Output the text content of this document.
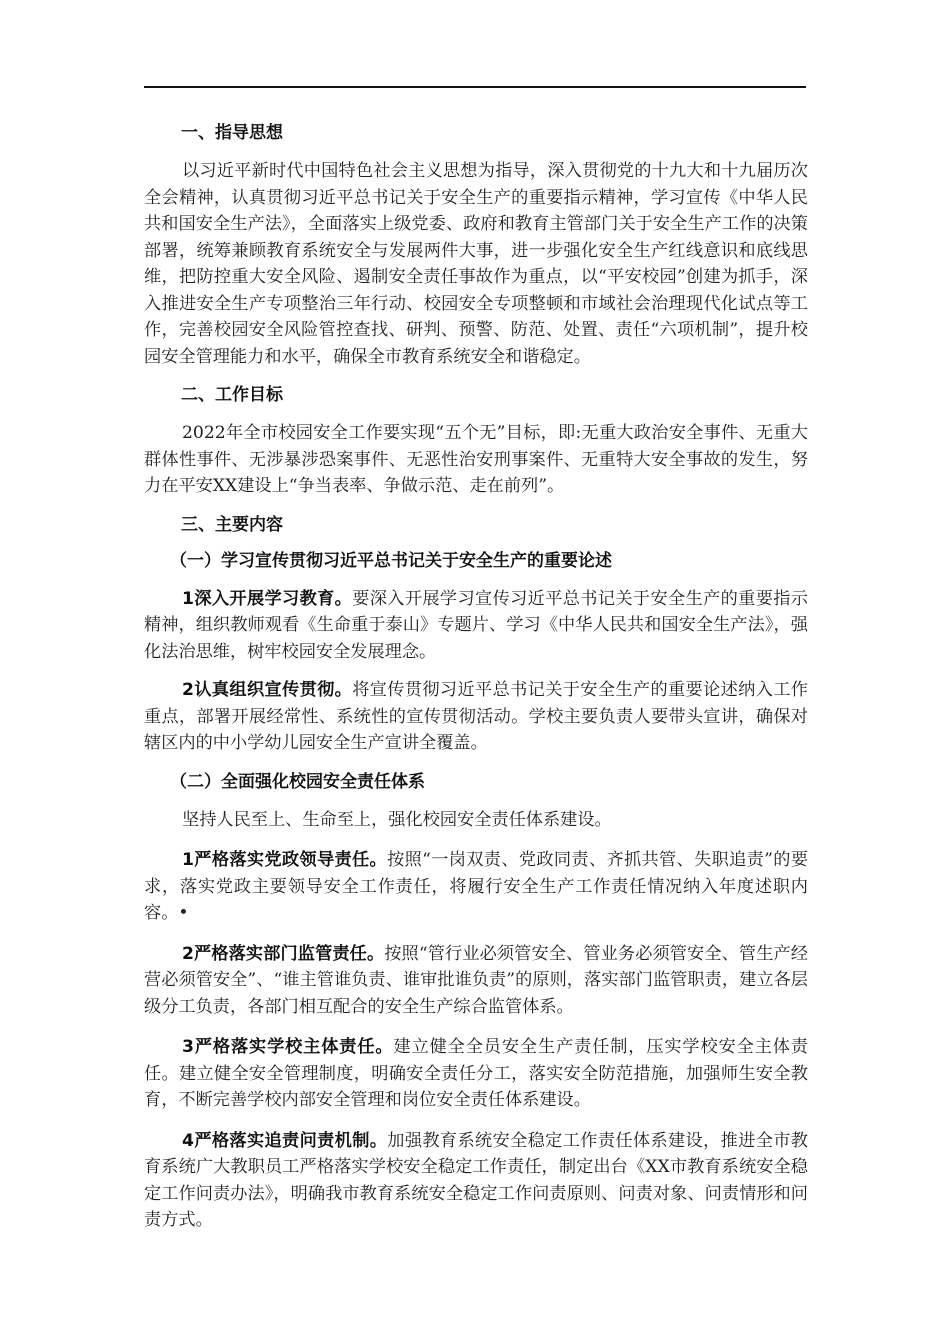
一、指导思想

以习近平新时代中国特色社会主义思想为指导，深入贯彻党的十九大和十九届历次全会精神，认真贯彻习近平总书记关于安全生产的重要指示精神，学习宣传《中华人民共和国安全生产法》，全面落实上级党委、政府和教育主管部门关于安全生产工作的决策部署，统筹兼顾教育系统安全与发展两件大事，进一步强化安全生产红线意识和底线思维，把防控重大安全风险、遏制安全责任事故作为重点，以“平安校园”创建为抓手，深入推进安全生产专项整治三年行动、校园安全专项整顿和市域社会治理现代化试点等工作，完善校园安全风险管控查找、研判、预警、防范、处置、责任“六项机制”，提升校园安全管理能力和水平，确保全市教育系统安全和谐稳定。

二、工作目标

2022年全市校园安全工作要实现“五个无”目标，即:无重大政治安全事件、无重大群体性事件、无涉暴涉恐案事件、无恶性治安刑事案件、无重特大安全事故的发生，努力在平安XX建设上“争当表率、争做示范、走在前列”。

三、主要内容
（一）学习宣传贯彻习近平总书记关于安全生产的重要论述

1深入开展学习教育。要深入开展学习宣传习近平总书记关于安全生产的重要指示精神，组织教师观看《生命重于泰山》专题片、学习《中华人民共和国安全生产法》，强化法治思维，树牢校园安全发展理念。

2认真组织宣传贯彻。将宣传贯彻习近平总书记关于安全生产的重要论述纳入工作重点，部署开展经常性、系统性的宣传贯彻活动。学校主要负责人要带头宣讲，确保对辖区内的中小学幼儿园安全生产宣讲全覆盖。

（二）全面强化校园安全责任体系

坚持人民至上、生命至上，强化校园安全责任体系建设。

1严格落实党政领导责任。按照“一岗双责、党政同责、齐抓共管、失职追责”的要求，落实党政主要领导安全工作责任，将履行安全生产工作责任情况纳入年度述职内容。•

2严格落实部门监管责任。按照“管行业必须管安全、管业务必须管安全、管生产经营必须管安全”、“谁主管谁负责、谁审批谁负责”的原则，落实部门监管职责，建立各层级分工负责，各部门相互配合的安全生产综合监管体系。

3严格落实学校主体责任。建立健全全员安全生产责任制，压实学校安全主体责任。建立健全安全管理制度，明确安全责任分工，落实安全防范措施，加强师生安全教育，不断完善学校内部安全管理和岗位安全责任体系建设。

4严格落实追责问责机制。加强教育系统安全稳定工作责任体系建设，推进全市教育系统广大教职员工严格落实学校安全稳定工作责任，制定出台《XX市教育系统安全稳定工作问责办法》，明确我市教育系统安全稳定工作问责原则、问责对象、问责情形和问责方式。
